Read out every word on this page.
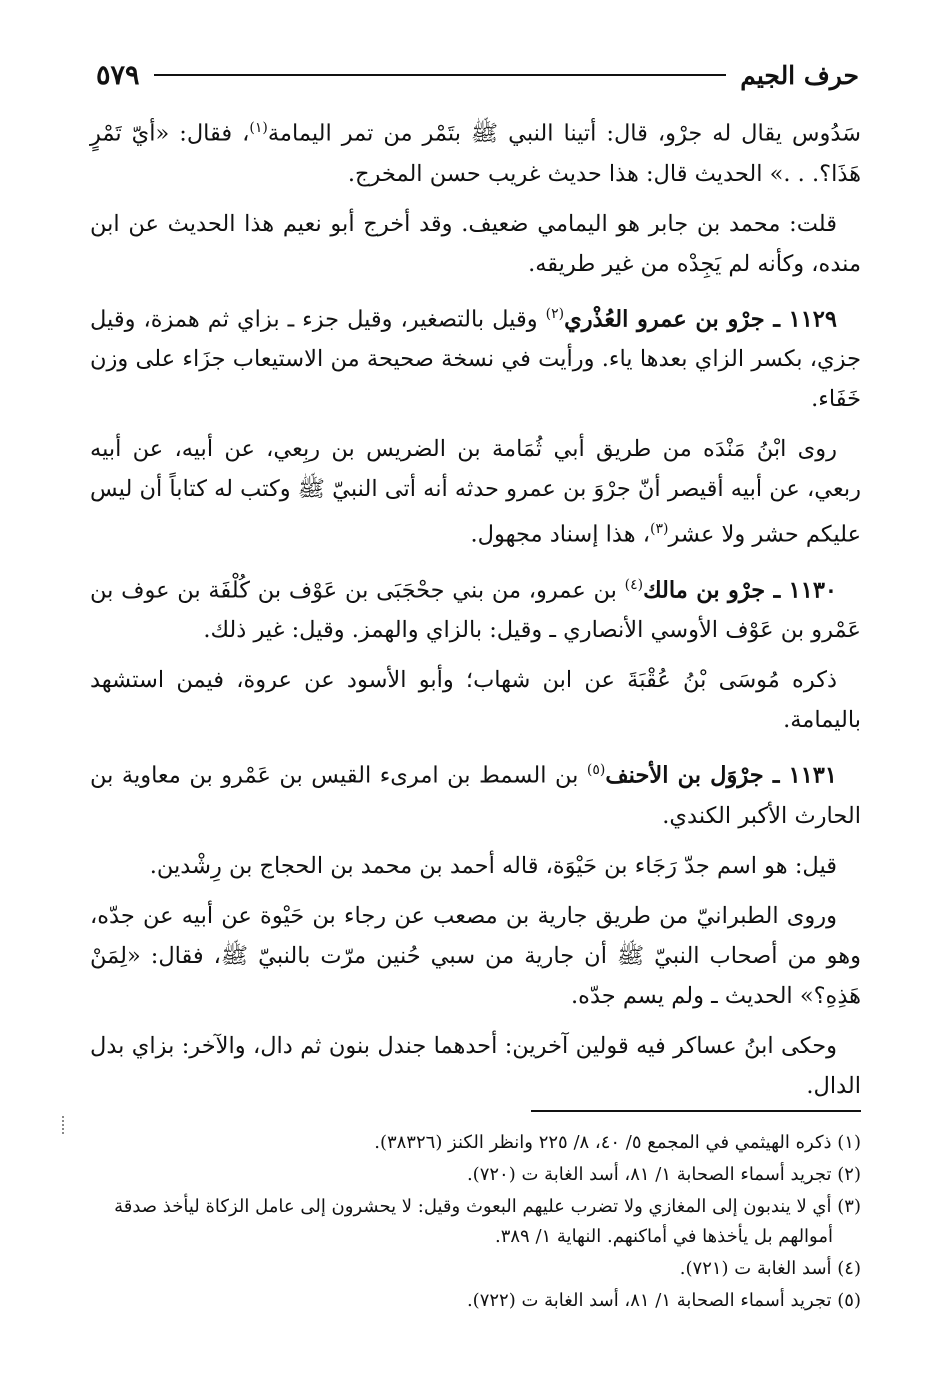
حرف الجيم
٥٧٩

سَدُوس يقال له جرْو، قال: أتينا النبي ﷺ بتَمْر من تمر اليمامة$^{(١)}$، فقال: «أيّ تَمْرٍ هَذَا؟. . .» الحديث قال: هذا حديث غريب حسن المخرج.

قلت: محمد بن جابر هو اليمامي ضعيف. وقد أخرج أبو نعيم هذا الحديث عن ابن منده، وكأنه لم يَجِدْه من غير طريقه.

١١٢٩ ـ جرْو بن عمرو العُذْري$^{(٢)}$ وقيل بالتصغير، وقيل جزء ـ بزاي ثم همزة، وقيل جزي، بكسر الزاي بعدها ياء. ورأيت في نسخة صحيحة من الاستيعاب جزَاء على وزن خَفَاء.

روى ابْنُ مَنْدَه من طريق أبي ثُمَامة بن الضريس بن ربِعي، عن أبيه، عن أبيه ربعي، عن أبيه أقيصر أنّ جرْوَ بن عمرو حدثه أنه أتى النبيّ ﷺ وكتب له كتاباً أن ليس عليكم حشر ولا عشر$^{(٣)}$، هذا إسناد مجهول.

١١٣٠ ـ جرْو بن مالك$^{(٤)}$ بن عمرو، من بني جحْجَبَى بن عَوْف بن كُلْفَة بن عوف بن عَمْرو بن عَوْف الأوسي الأنصاري ـ وقيل: بالزاي والهمز. وقيل: غير ذلك.

ذكره مُوسَى بْنُ عُقْبَةَ عن ابن شهاب؛ وأبو الأسود عن عروة، فيمن استشهد باليمامة.

١١٣١ ـ جرْوَل بن الأحنف$^{(٥)}$ بن السمط بن امرىء القيس بن عَمْرو بن معاوية بن الحارث الأكبر الكندي.

قيل: هو اسم جدّ رَجَاء بن حَيْوَة، قاله أحمد بن محمد بن الحجاج بن رِشْدين.

وروى الطبرانيّ من طريق جارية بن مصعب عن رجاء بن حَيْوة عن أبيه عن جدّه، وهو من أصحاب النبيّ ﷺ أن جارية من سبي حُنين مرّت بالنبيّ ﷺ، فقال: «لِمَنْ هَذِهِ؟» الحديث ـ ولم يسم جدّه.

وحكى ابنُ عساكر فيه قولين آخرين: أحدهما جندل بنون ثم دال، والآخر: بزاي بدل الدال.

(١) ذكره الهيثمي في المجمع ٥/ ٤٠، ٨/ ٢٢٥ وانظر الكنز (٣٨٣٢٦).
(٢) تجريد أسماء الصحابة ١/ ٨١، أسد الغابة ت (٧٢٠).
(٣) أي لا يندبون إلى المغازي ولا تضرب عليهم البعوث وقيل: لا يحشرون إلى عامل الزكاة ليأخذ صدقة
أموالهم بل يأخذها في أماكنهم. النهاية ١/ ٣٨٩.
(٤) أسد الغابة ت (٧٢١).
(٥) تجريد أسماء الصحابة ١/ ٨١، أسد الغابة ت (٧٢٢).
